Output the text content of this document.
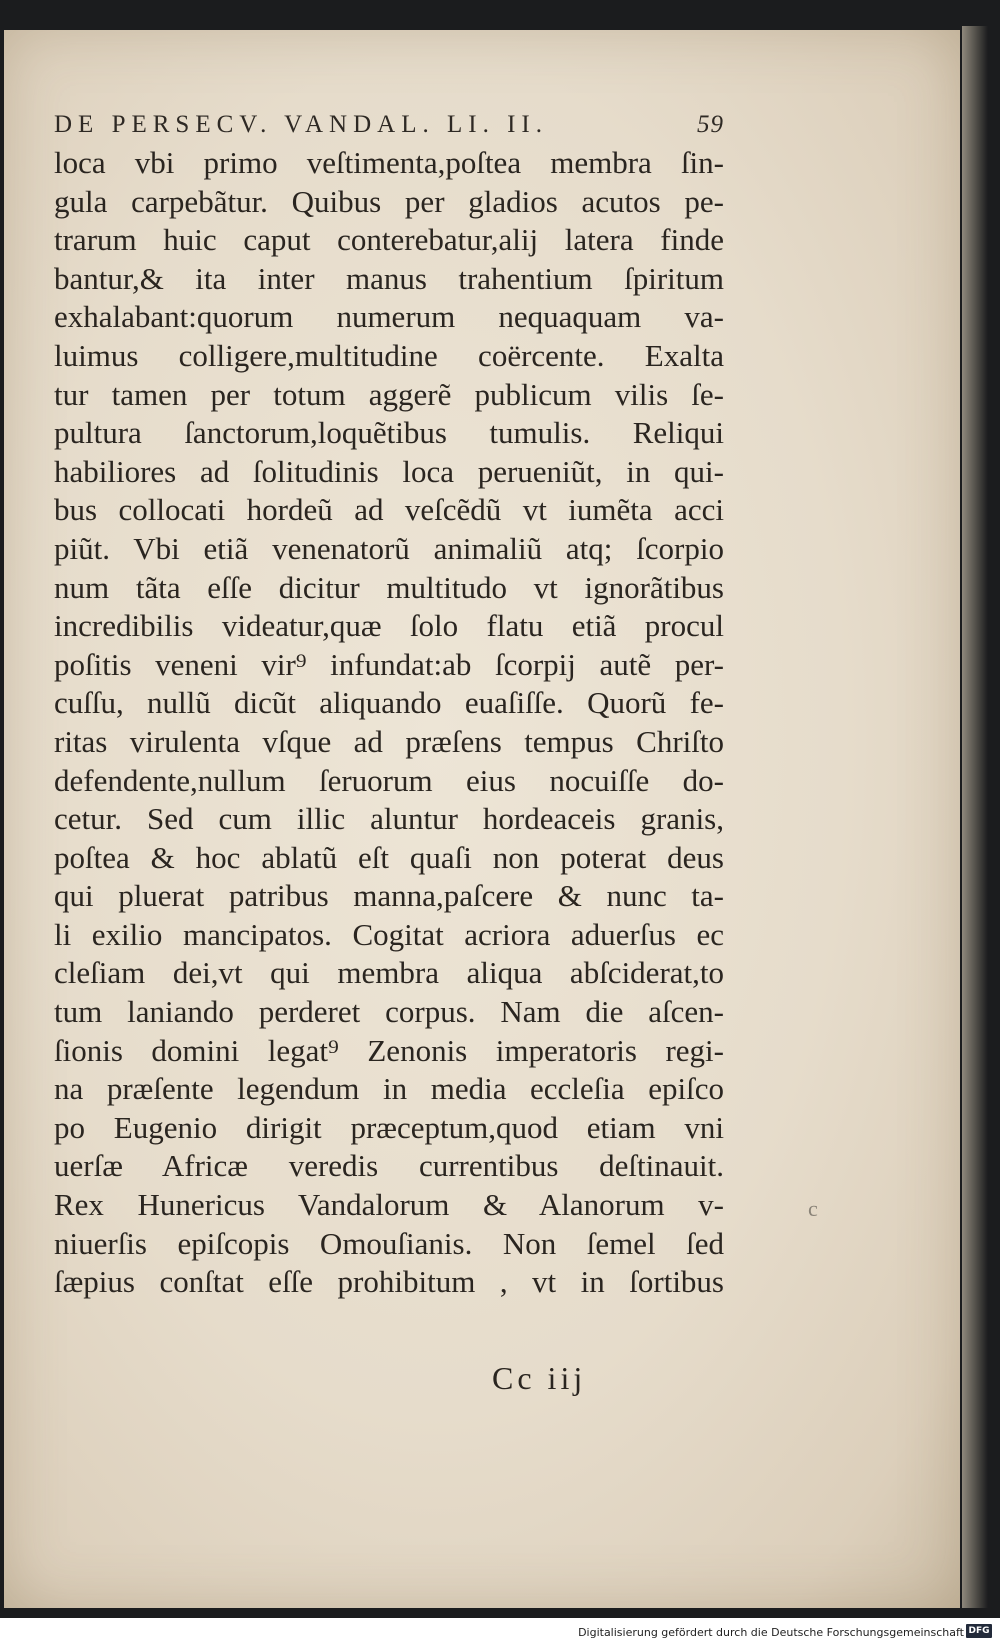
DE PERSECV. VANDAL. LI. II.	59
loca vbi primo veſtimenta,poſtea membra ſin-
gula carpebãtur. Quibus per gladios acutos pe-
trarum huic caput conterebatur,alij latera finde
bantur,& ita inter manus trahentium ſpiritum
exhalabant:quorum numerum nequaquam va-
luimus colligere,multitudine coërcente. Exalta
tur tamen per totum aggerẽ publicum vilis ſe-
pultura ſanctorum,loquẽtibus tumulis. Reliqui
habiliores ad ſolitudinis loca perueniũt, in qui-
bus collocati hordeũ ad veſcẽdũ vt iumẽta acci
piũt. Vbi etiã venenatorũ animaliũ atq; ſcorpio
num tãta eſſe dicitur multitudo vt ignorãtibus
incredibilis videatur,quæ ſolo flatu etiã procul
poſitis veneni vir⁹ infundat:ab ſcorpij autẽ per-
cuſſu, nullũ dicũt aliquando euaſiſſe. Quorũ fe-
ritas virulenta vſque ad præſens tempus Chriſto
defendente,nullum ſeruorum eius nocuiſſe do-
cetur. Sed cum illic aluntur hordeaceis granis,
poſtea & hoc ablatũ eſt quaſi non poterat deus
qui pluerat patribus manna,paſcere & nunc ta-
li exilio mancipatos. Cogitat acriora aduerſus ec
cleſiam dei,vt qui membra aliqua abſciderat,to
tum laniando perderet corpus. Nam die aſcen-
ſionis domini legat⁹ Zenonis imperatoris regi-
na præſente legendum in media eccleſia epiſco
po Eugenio dirigit præceptum,quod etiam vni
uerſæ Africæ veredis currentibus deſtinauit.
Rex Hunericus Vandalorum & Alanorum v-
niuerſis epiſcopis Omouſianis. Non ſemel ſed
ſæpius conſtat eſſe prohibitum , vt in ſortibus
c
Cc iij
Digitalisierung gefördert durch die Deutsche Forschungsgemeinschaft DFG
